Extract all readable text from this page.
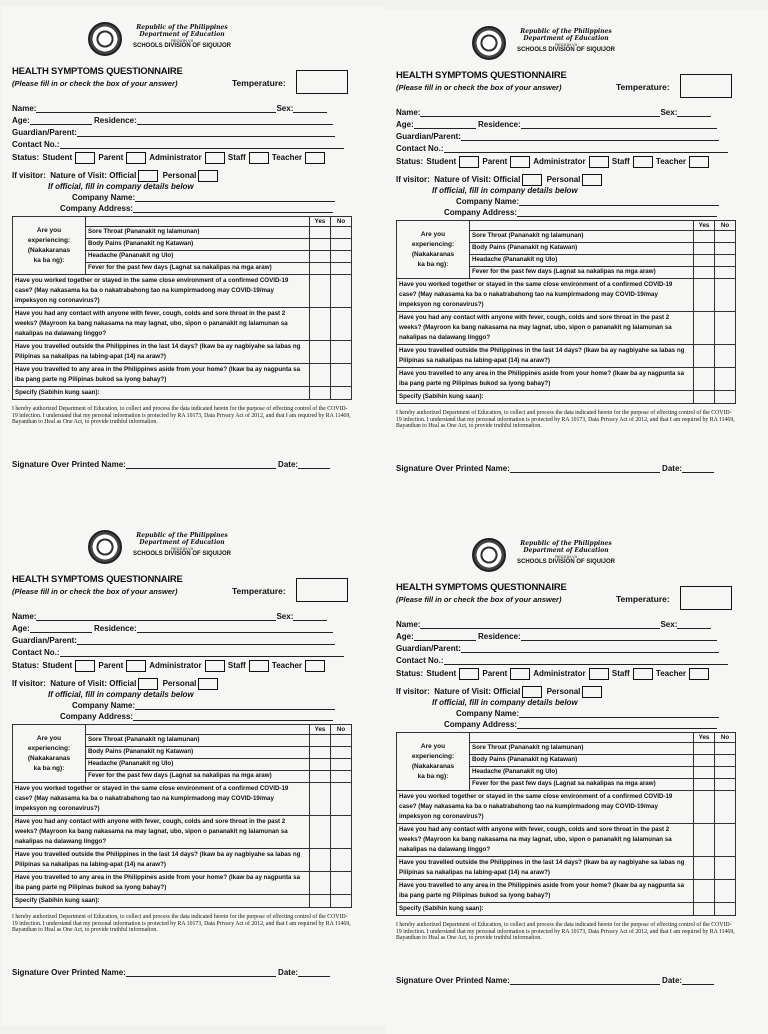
Republic of the Philippines
Department of Education
REGION VII
SCHOOLS DIVISION OF SIQUIJOR
HEALTH SYMPTOMS QUESTIONNAIRE
(Please fill in or check the box of your answer)	Temperature:
Name:	Sex:
Age:	Residence:
Guardian/Parent:
Contact No.:
Status: Student	Parent	Administrator	Staff	Teacher
If visitor: Nature of Visit: Official	Personal
If official, fill in company details below
Company Name:
Company Address:
Are you
experiencing:
(Nakakaranas
ka ba ng):		Yes	No
	Sore Throat (Pananakit ng lalamunan)		
	Body Pains (Pananakit ng Katawan)		
	Headache (Pananakit ng Ulo)		
	Fever for the past few days (Lagnat sa nakalipas na mga araw)		
Have you worked together or stayed in the same close environment of a confirmed COVID-19 case? (May nakasama ka ba o nakatrabahong tao na kumpirmadong may COVID-19/may impeksyon ng coronavirus?)			
Have you had any contact with anyone with fever, cough, colds and sore throat in the past 2 weeks? (Mayroon ka bang nakasama na may lagnat, ubo, sipon o pananakit ng lalamunan sa nakalipas na dalawang linggo?			
Have you travelled outside the Philippines in the last 14 days? (Ikaw ba ay nagbiyahe sa labas ng Pilipinas sa nakalipas na labing-apat (14) na araw?)			
Have you travelled to any area in the Philippines aside from your home? (Ikaw ba ay nagpunta sa iba pang parte ng Pilipinas bukod sa iyong bahay?)			
Specify (Sabihin kung saan):			
I hereby authorized Department of Education, to collect and process the data indicated herein for the purpose of effecting control of the COVID-19 infection. I understand that my personal information is protected by RA 10173, Data Privacy Act of 2012, and that I am required by RA 11469, Bayanihan to Heal as One Act, to provide truthful information.
Signature Over Printed Name:	Date:
Republic of the Philippines
Department of Education
REGION VII
SCHOOLS DIVISION OF SIQUIJOR
HEALTH SYMPTOMS QUESTIONNAIRE
(Please fill in or check the box of your answer)	Temperature:
Name:	Sex:
Age:	Residence:
Guardian/Parent:
Contact No.:
Status: Student	Parent	Administrator	Staff	Teacher
If visitor: Nature of Visit: Official	Personal
If official, fill in company details below
Company Name:
Company Address:
Are you
experiencing:
(Nakakaranas
ka ba ng):		Yes	No
	Sore Throat (Pananakit ng lalamunan)		
	Body Pains (Pananakit ng Katawan)		
	Headache (Pananakit ng Ulo)		
	Fever for the past few days (Lagnat sa nakalipas na mga araw)		
Have you worked together or stayed in the same close environment of a confirmed COVID-19 case? (May nakasama ka ba o nakatrabahong tao na kumpirmadong may COVID-19/may impeksyon ng coronavirus?)			
Have you had any contact with anyone with fever, cough, colds and sore throat in the past 2 weeks? (Mayroon ka bang nakasama na may lagnat, ubo, sipon o pananakit ng lalamunan sa nakalipas na dalawang linggo?			
Have you travelled outside the Philippines in the last 14 days? (Ikaw ba ay nagbiyahe sa labas ng Pilipinas sa nakalipas na labing-apat (14) na araw?)			
Have you travelled to any area in the Philippines aside from your home? (Ikaw ba ay nagpunta sa iba pang parte ng Pilipinas bukod sa iyong bahay?)			
Specify (Sabihin kung saan):			
I hereby authorized Department of Education, to collect and process the data indicated herein for the purpose of effecting control of the COVID-19 infection. I understand that my personal information is protected by RA 10173, Data Privacy Act of 2012, and that I am required by RA 11469, Bayanihan to Heal as One Act, to provide truthful information.
Signature Over Printed Name:	Date:
Republic of the Philippines
Department of Education
REGION VII
SCHOOLS DIVISION OF SIQUIJOR
HEALTH SYMPTOMS QUESTIONNAIRE
(Please fill in or check the box of your answer)	Temperature:
Name:	Sex:
Age:	Residence:
Guardian/Parent:
Contact No.:
Status: Student	Parent	Administrator	Staff	Teacher
If visitor: Nature of Visit: Official	Personal
If official, fill in company details below
Company Name:
Company Address:
Are you
experiencing:
(Nakakaranas
ka ba ng):		Yes	No
	Sore Throat (Pananakit ng lalamunan)		
	Body Pains (Pananakit ng Katawan)		
	Headache (Pananakit ng Ulo)		
	Fever for the past few days (Lagnat sa nakalipas na mga araw)		
Have you worked together or stayed in the same close environment of a confirmed COVID-19 case? (May nakasama ka ba o nakatrabahong tao na kumpirmadong may COVID-19/may impeksyon ng coronavirus?)			
Have you had any contact with anyone with fever, cough, colds and sore throat in the past 2 weeks? (Mayroon ka bang nakasama na may lagnat, ubo, sipon o pananakit ng lalamunan sa nakalipas na dalawang linggo?			
Have you travelled outside the Philippines in the last 14 days? (Ikaw ba ay nagbiyahe sa labas ng Pilipinas sa nakalipas na labing-apat (14) na araw?)			
Have you travelled to any area in the Philippines aside from your home? (Ikaw ba ay nagpunta sa iba pang parte ng Pilipinas bukod sa iyong bahay?)			
Specify (Sabihin kung saan):			
I hereby authorized Department of Education, to collect and process the data indicated herein for the purpose of effecting control of the COVID-19 infection. I understand that my personal information is protected by RA 10173, Data Privacy Act of 2012, and that I am required by RA 11469, Bayanihan to Heal as One Act, to provide truthful information.
Signature Over Printed Name:	Date:
Republic of the Philippines
Department of Education
REGION VII
SCHOOLS DIVISION OF SIQUIJOR
HEALTH SYMPTOMS QUESTIONNAIRE
(Please fill in or check the box of your answer)	Temperature:
Name:	Sex:
Age:	Residence:
Guardian/Parent:
Contact No.:
Status: Student	Parent	Administrator	Staff	Teacher
If visitor: Nature of Visit: Official	Personal
If official, fill in company details below
Company Name:
Company Address:
Are you
experiencing:
(Nakakaranas
ka ba ng):		Yes	No
	Sore Throat (Pananakit ng lalamunan)		
	Body Pains (Pananakit ng Katawan)		
	Headache (Pananakit ng Ulo)		
	Fever for the past few days (Lagnat sa nakalipas na mga araw)		
Have you worked together or stayed in the same close environment of a confirmed COVID-19 case? (May nakasama ka ba o nakatrabahong tao na kumpirmadong may COVID-19/may impeksyon ng coronavirus?)			
Have you had any contact with anyone with fever, cough, colds and sore throat in the past 2 weeks? (Mayroon ka bang nakasama na may lagnat, ubo, sipon o pananakit ng lalamunan sa nakalipas na dalawang linggo?			
Have you travelled outside the Philippines in the last 14 days? (Ikaw ba ay nagbiyahe sa labas ng Pilipinas sa nakalipas na labing-apat (14) na araw?)			
Have you travelled to any area in the Philippines aside from your home? (Ikaw ba ay nagpunta sa iba pang parte ng Pilipinas bukod sa iyong bahay?)			
Specify (Sabihin kung saan):			
I hereby authorized Department of Education, to collect and process the data indicated herein for the purpose of effecting control of the COVID-19 infection. I understand that my personal information is protected by RA 10173, Data Privacy Act of 2012, and that I am required by RA 11469, Bayanihan to Heal as One Act, to provide truthful information.
Signature Over Printed Name:	Date:
